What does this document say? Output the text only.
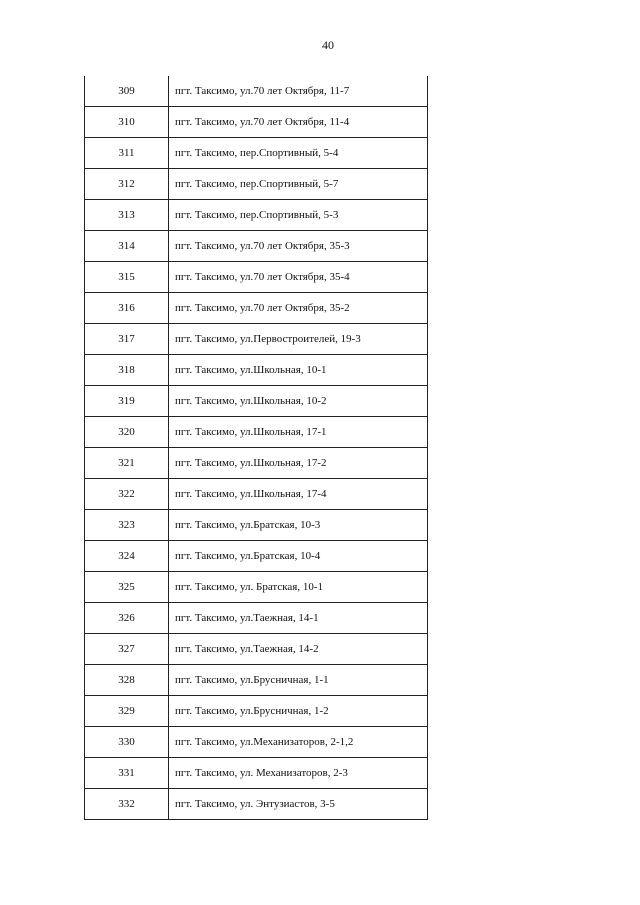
40
309	пгт. Таксимо, ул.70 лет Октября, 11-7
310	пгт. Таксимо, ул.70 лет Октября, 11-4
311	пгт. Таксимо, пер.Спортивный, 5-4
312	пгт. Таксимо, пер.Спортивный, 5-7
313	пгт. Таксимо, пер.Спортивный, 5-3
314	пгт. Таксимо, ул.70 лет Октября, 35-3
315	пгт. Таксимо, ул.70 лет Октября, 35-4
316	пгт. Таксимо, ул.70 лет Октября, 35-2
317	пгт. Таксимо, ул.Первостроителей, 19-3
318	пгт. Таксимо, ул.Школьная, 10-1
319	пгт. Таксимо, ул.Школьная, 10-2
320	пгт. Таксимо, ул.Школьная, 17-1
321	пгт. Таксимо, ул.Школьная, 17-2
322	пгт. Таксимо, ул.Школьная, 17-4
323	пгт. Таксимо, ул.Братская, 10-3
324	пгт. Таксимо, ул.Братская, 10-4
325	пгт. Таксимо, ул. Братская, 10-1
326	пгт. Таксимо, ул.Таежная, 14-1
327	пгт. Таксимо, ул.Таежная, 14-2
328	пгт. Таксимо, ул.Брусничная, 1-1
329	пгт. Таксимо, ул.Брусничная, 1-2
330	пгт. Таксимо, ул.Механизаторов, 2-1,2
331	пгт. Таксимо, ул. Механизаторов, 2-3
332	пгт. Таксимо, ул. Энтузиастов, 3-5
